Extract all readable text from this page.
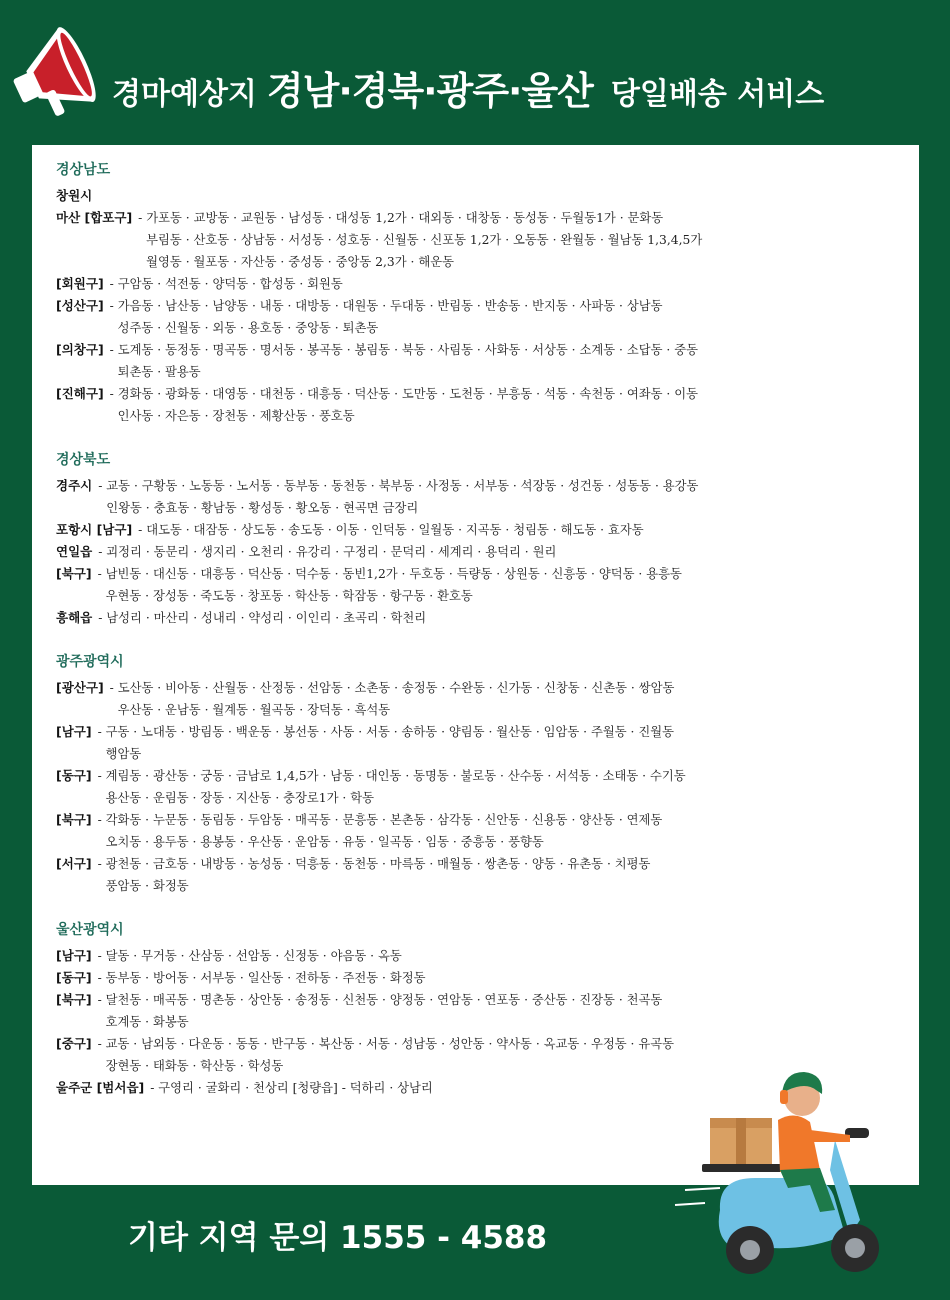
경마예상지 경남·경북·광주·울산 당일배송 서비스
경상남도
창원시
마산 [합포구] - 가포동 · 교방동 · 교원동 · 남성동 · 대성동 1,2가 · 대외동 · 대창동 · 동성동 · 두월동1가 · 문화동
부림동 · 산호동 · 상남동 · 서성동 · 성호동 · 신월동 · 신포동 1,2가 · 오동동 · 완월동 · 월남동 1,3,4,5가
월영동 · 월포동 · 자산동 · 중성동 · 중앙동 2,3가 · 해운동
[회원구] - 구암동 · 석전동 · 양덕동 · 합성동 · 회원동
[성산구] - 가음동 · 남산동 · 남양동 · 내동 · 대방동 · 대원동 · 두대동 · 반림동 · 반송동 · 반지동 · 사파동 · 상남동
성주동 · 신월동 · 외동 · 용호동 · 중앙동 · 퇴촌동
[의창구] - 도계동 · 동정동 · 명곡동 · 명서동 · 봉곡동 · 봉림동 · 북동 · 사림동 · 사화동 · 서상동 · 소계동 · 소답동 · 중동
퇴촌동 · 팔용동
[진해구] - 경화동 · 광화동 · 대영동 · 대천동 · 대흥동 · 덕산동 · 도만동 · 도천동 · 부흥동 · 석동 · 속천동 · 여좌동 · 이동
인사동 · 자은동 · 장천동 · 제황산동 · 풍호동
경상북도
경주시 - 교동 · 구황동 · 노동동 · 노서동 · 동부동 · 동천동 · 북부동 · 사정동 · 서부동 · 석장동 · 성건동 · 성동동 · 용강동
인왕동 · 충효동 · 황남동 · 황성동 · 황오동 · 현곡면 금장리
포항시 [남구] - 대도동 · 대잠동 · 상도동 · 송도동 · 이동 · 인덕동 · 일월동 · 지곡동 · 청림동 · 해도동 · 효자동
연일읍 - 괴정리 · 동문리 · 생지리 · 오천리 · 유강리 · 구정리 · 문덕리 · 세계리 · 용덕리 · 원리
[북구] - 남빈동 · 대신동 · 대흥동 · 덕산동 · 덕수동 · 동빈1,2가 · 두호동 · 득량동 · 상원동 · 신흥동 · 양덕동 · 용흥동
우현동 · 장성동 · 죽도동 · 창포동 · 학산동 · 학잠동 · 항구동 · 환호동
흥해읍 - 남성리 · 마산리 · 성내리 · 약성리 · 이인리 · 초곡리 · 학천리
광주광역시
[광산구] - 도산동 · 비아동 · 산월동 · 산정동 · 선암동 · 소촌동 · 송정동 · 수완동 · 신가동 · 신창동 · 신촌동 · 쌍암동
우산동 · 운남동 · 월계동 · 월곡동 · 장덕동 · 흑석동
[남구] - 구동 · 노대동 · 방림동 · 백운동 · 봉선동 · 사동 · 서동 · 송하동 · 양림동 · 월산동 · 임암동 · 주월동 · 진월동
행암동
[동구] - 계림동 · 광산동 · 궁동 · 금남로 1,4,5가 · 남동 · 대인동 · 동명동 · 불로동 · 산수동 · 서석동 · 소태동 · 수기동
용산동 · 운림동 · 장동 · 지산동 · 충장로1가 · 학동
[북구] - 각화동 · 누문동 · 동림동 · 두암동 · 매곡동 · 문흥동 · 본촌동 · 삼각동 · 신안동 · 신용동 · 양산동 · 연제동
오치동 · 용두동 · 용봉동 · 우산동 · 운암동 · 유동 · 일곡동 · 임동 · 중흥동 · 풍향동
[서구] - 광천동 · 금호동 · 내방동 · 농성동 · 덕흥동 · 동천동 · 마륵동 · 매월동 · 쌍촌동 · 양동 · 유촌동 · 치평동
풍암동 · 화정동
울산광역시
[남구] - 달동 · 무거동 · 산삼동 · 선암동 · 신정동 · 야음동 · 옥동
[동구] - 동부동 · 방어동 · 서부동 · 일산동 · 전하동 · 주전동 · 화정동
[북구] - 달천동 · 매곡동 · 명촌동 · 상안동 · 송정동 · 신천동 · 양정동 · 연암동 · 연포동 · 중산동 · 진장동 · 천곡동
호계동 · 화봉동
[중구] - 교동 · 남외동 · 다운동 · 동동 · 반구동 · 복산동 · 서동 · 성남동 · 성안동 · 약사동 · 옥교동 · 우정동 · 유곡동
장현동 · 태화동 · 학산동 · 학성동
울주군 [범서읍] - 구영리 · 굴화리 · 천상리 [청량읍] - 덕하리 · 상남리
기타 지역 문의 1555 - 4588
